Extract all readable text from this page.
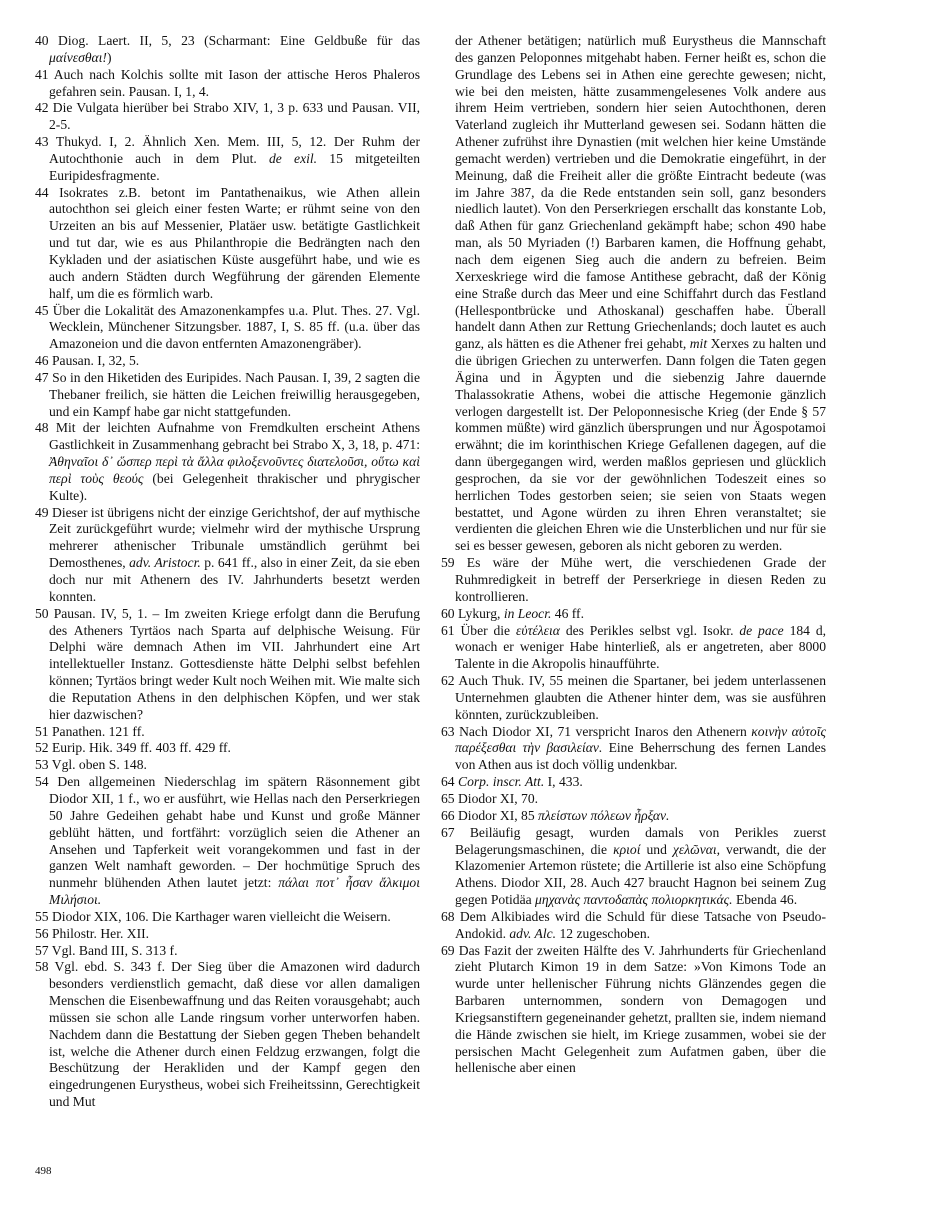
40 Diog. Laert. II, 5, 23 (Scharmant: Eine Geldbuße für das μαίνεσθαι!)

41 Auch nach Kolchis sollte mit Iason der attische Heros Phaleros gefahren sein. Pausan. I, 1, 4.

42 Die Vulgata hierüber bei Strabo XIV, 1, 3 p. 633 und Pausan. VII, 2-5.

43 Thukyd. I, 2. Ähnlich Xen. Mem. III, 5, 12. Der Ruhm der Autochthonie auch in dem Plut. de exil. 15 mitgeteilten Euripidesfragmente.

44 Isokrates z.B. betont im Pantathenaikus, wie Athen allein autochthon sei gleich einer festen Warte; er rühmt seine von den Urzeiten an bis auf Messenier, Platäer usw. betätigte Gastlichkeit und tut dar, wie es aus Philanthropie die Bedrängten nach den Kykladen und der asiatischen Küste ausgeführt habe, und wie es auch andern Städten durch Wegführung der gärenden Elemente half, um die es förmlich warb.

45 Über die Lokalität des Amazonenkampfes u.a. Plut. Thes. 27. Vgl. Wecklein, Münchener Sitzungsber. 1887, I, S. 85 ff. (u.a. über das Amazoneion und die davon entfernten Amazonengräber).

46 Pausan. I, 32, 5.

47 So in den Hiketiden des Euripides. Nach Pausan. I, 39, 2 sagten die Thebaner freilich, sie hätten die Leichen freiwillig herausgegeben, und ein Kampf habe gar nicht stattgefunden.

48 Mit der leichten Aufnahme von Fremdkulten erscheint Athens Gastlichkeit in Zusammenhang gebracht bei Strabo X, 3, 18, p. 471: Ἀθηναῖοι δ᾽ ὥσπερ περὶ τὰ ἄλλα φιλοξενοῦντες διατελοῦσι, οὕτω καὶ περὶ τοὺς θεούς (bei Gelegenheit thrakischer und phrygischer Kulte).

49 Dieser ist übrigens nicht der einzige Gerichtshof, der auf mythische Zeit zurückgeführt wurde; vielmehr wird der mythische Ursprung mehrerer athenischer Tribunale umständlich gerühmt bei Demosthenes, adv. Aristocr. p. 641 ff., also in einer Zeit, da sie eben doch nur mit Athenern des IV. Jahrhunderts besetzt werden konnten.

50 Pausan. IV, 5, 1. – Im zweiten Kriege erfolgt dann die Berufung des Atheners Tyrtäos nach Sparta auf delphische Weisung. Für Delphi wäre demnach Athen im VII. Jahrhundert eine Art intellektueller Instanz. Gottesdienste hätte Delphi selbst befehlen können; Tyrtäos bringt weder Kult noch Weihen mit. Wie malte sich die Reputation Athens in den delphischen Köpfen, und wer stak hier dazwischen?

51 Panathen. 121 ff.

52 Eurip. Hik. 349 ff. 403 ff. 429 ff.

53 Vgl. oben S. 148.

54 Den allgemeinen Niederschlag im spätern Räsonnement gibt Diodor XII, 1 f., wo er ausführt, wie Hellas nach den Perserkriegen 50 Jahre Gedeihen gehabt habe und Kunst und große Männer geblüht hätten, und fortfährt: vorzüglich seien die Athener an Ansehen und Tapferkeit weit vorangekommen und fast in der ganzen Welt namhaft geworden. – Der hochmütige Spruch des nunmehr blühenden Athen lautet jetzt: πάλαι ποτ᾽ ἦσαν ἄλκιμοι Μιλήσιοι.

55 Diodor XIX, 106. Die Karthager waren vielleicht die Weisern.

56 Philostr. Her. XII.

57 Vgl. Band III, S. 313 f.

58 Vgl. ebd. S. 343 f. Der Sieg über die Amazonen wird dadurch besonders verdienstlich gemacht, daß diese vor allen damaligen Menschen die Eisenbewaffnung und das Reiten vorausgehabt; auch müssen sie schon alle Lande ringsum vorher unterworfen haben. Nachdem dann die Bestattung der Sieben gegen Theben behandelt ist, welche die Athener durch einen Feldzug erzwangen, folgt die Beschützung der Herakliden und der Kampf gegen den eingedrungenen Eurystheus, wobei sich Freiheitssinn, Gerechtigkeit und Mut

der Athener betätigen; natürlich muß Eurystheus die Mannschaft des ganzen Peloponnes mitgehabt haben. Ferner heißt es, schon die Grundlage des Lebens sei in Athen eine gerechte gewesen; nicht, wie bei den meisten, hätte zusammengelesenes Volk andere aus ihrem Heim vertrieben, sondern hier seien Autochthonen, deren Vaterland zugleich ihr Mutterland gewesen sei. Sodann hätten die Athener zufrühst ihre Dynastien (mit welchen hier keine Umstände gemacht werden) vertrieben und die Demokratie eingeführt, in der Meinung, daß die Freiheit aller die größte Eintracht bedeute (was im Jahre 387, da die Rede entstanden sein soll, ganz besonders niedlich lautet). Von den Perserkriegen erschallt das konstante Lob, daß Athen für ganz Griechenland gekämpft habe; schon 490 habe man, als 50 Myriaden (!) Barbaren kamen, die Hoffnung gehabt, nach dem eigenen Sieg auch die andern zu befreien. Beim Xerxeskriege wird die famose Antithese gebracht, daß der König eine Straße durch das Meer und eine Schiffahrt durch das Festland (Hellespontbrücke und Athoskanal) geschaffen habe. Überall handelt dann Athen zur Rettung Griechenlands; doch lautet es auch ganz, als hätten es die Athener frei gehabt, mit Xerxes zu halten und die übrigen Griechen zu unterwerfen. Dann folgen die Taten gegen Ägina und in Ägypten und die siebenzig Jahre dauernde Thalassokratie Athens, wobei die attische Hegemonie gänzlich verlogen dargestellt ist. Der Peloponnesische Krieg (der Ende § 57 kommen müßte) wird gänzlich übersprungen und nur Ägospotamoi erwähnt; die im korinthischen Kriege Gefallenen dagegen, auf die dann übergegangen wird, werden maßlos gepriesen und glücklich gesprochen, da sie vor der gewöhnlichen Todeszeit eines so herrlichen Todes gestorben seien; sie seien von Staats wegen bestattet, und Agone würden zu ihren Ehren veranstaltet; sie verdienten die gleichen Ehren wie die Unsterblichen und nur für sie sei es besser gewesen, geboren als nicht geboren zu werden.

59 Es wäre der Mühe wert, die verschiedenen Grade der Ruhmredigkeit in betreff der Perserkriege in diesen Reden zu kontrollieren.

60 Lykurg, in Leocr. 46 ff.

61 Über die εὐτέλεια des Perikles selbst vgl. Isokr. de pace 184 d, wonach er weniger Habe hinterließ, als er angetreten, aber 8000 Talente in die Akropolis hinaufführte.

62 Auch Thuk. IV, 55 meinen die Spartaner, bei jedem unterlassenen Unternehmen glaubten die Athener hinter dem, was sie ausführen könnten, zurückzubleiben.

63 Nach Diodor XI, 71 verspricht Inaros den Athenern κοινὴν αὐτοῖς παρέξεσθαι τὴν βασιλείαν. Eine Beherrschung des fernen Landes von Athen aus ist doch völlig undenkbar.

64 Corp. inscr. Att. I, 433.

65 Diodor XI, 70.

66 Diodor XI, 85 πλείστων πόλεων ἦρξαν.

67 Beiläufig gesagt, wurden damals von Perikles zuerst Belagerungsmaschinen, die κριοί und χελῶναι, verwandt, die der Klazomenier Artemon rüstete; die Artillerie ist also eine Schöpfung Athens. Diodor XII, 28. Auch 427 braucht Hagnon bei seinem Zug gegen Potidäa μηχανὰς παντοδαπὰς πολιορκητικάς. Ebenda 46.

68 Dem Alkibiades wird die Schuld für diese Tatsache von Pseudo-Andokid. adv. Alc. 12 zugeschoben.

69 Das Fazit der zweiten Hälfte des V. Jahrhunderts für Griechenland zieht Plutarch Kimon 19 in dem Satze: »Von Kimons Tode an wurde unter hellenischer Führung nichts Glänzendes gegen die Barbaren unternommen, sondern von Demagogen und Kriegsanstiftern gegeneinander gehetzt, prallten sie, indem niemand die Hände zwischen sie hielt, im Kriege zusammen, wobei sie der persischen Macht Gelegenheit zum Aufatmen gaben, über die hellenische aber einen

498
